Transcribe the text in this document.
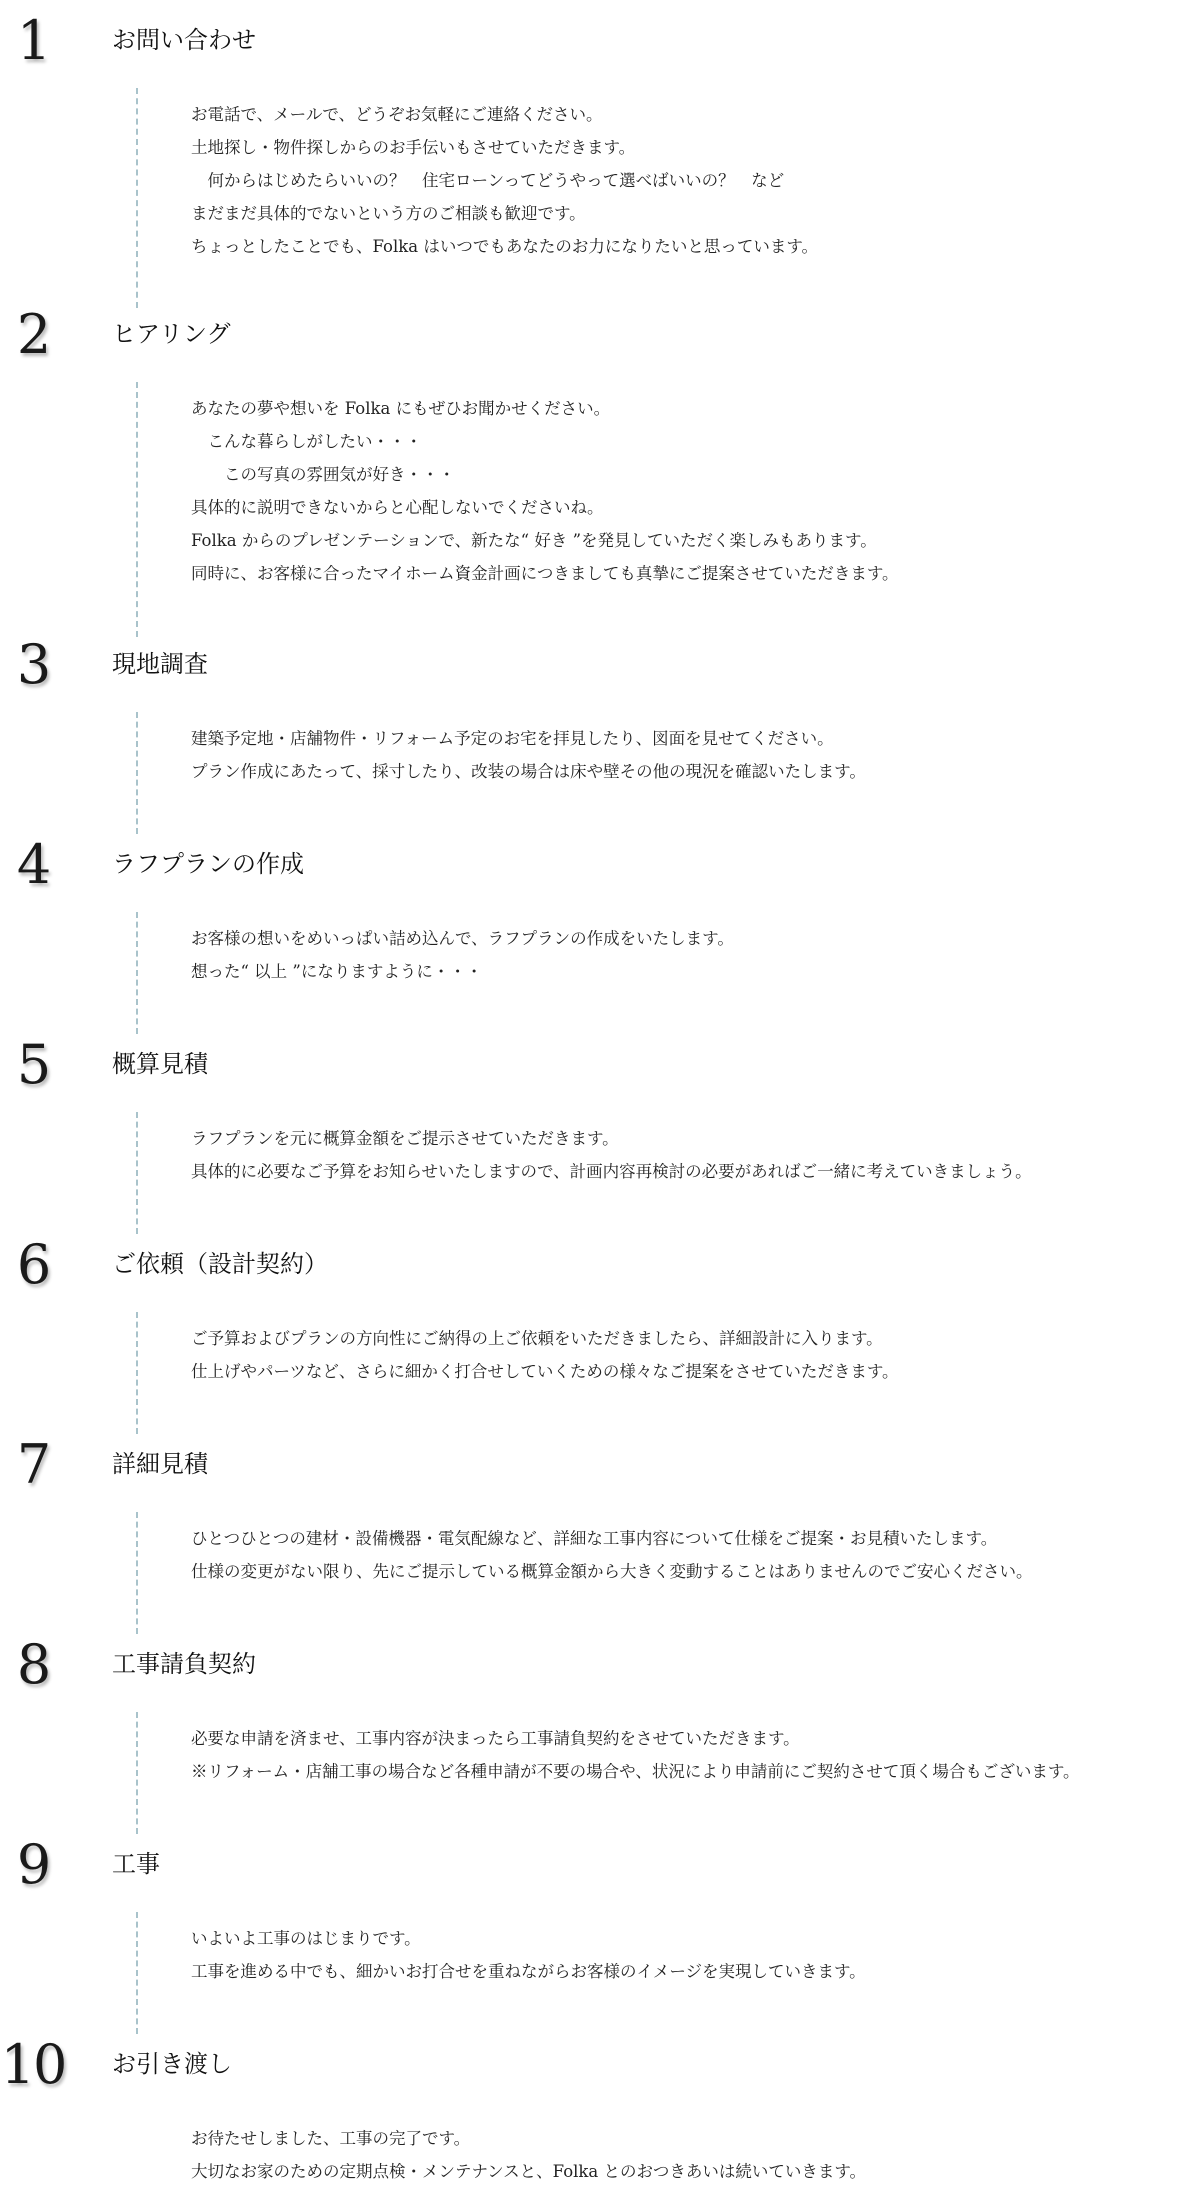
1	お問い合わせ
お電話で、メールで、どうぞお気軽にご連絡ください。
土地探し・物件探しからのお手伝いもさせていただきます。
　何からはじめたらいいの？　住宅ローンってどうやって選べばいいの？　など
まだまだ具体的でないという方のご相談も歓迎です。
ちょっとしたことでも、Folka はいつでもあなたのお力になりたいと思っています。
2	ヒアリング
あなたの夢や想いを Folka にもぜひお聞かせください。
　こんな暮らしがしたい・・・
　　この写真の雰囲気が好き・・・
具体的に説明できないからと心配しないでくださいね。
Folka からのプレゼンテーションで、新たな“ 好き ”を発見していただく楽しみもあります。
同時に、お客様に合ったマイホーム資金計画につきましても真摯にご提案させていただきます。
3	現地調査
建築予定地・店舗物件・リフォーム予定のお宅を拝見したり、図面を見せてください。
プラン作成にあたって、採寸したり、改装の場合は床や壁その他の現況を確認いたします。
4	ラフプランの作成
お客様の想いをめいっぱい詰め込んで、ラフプランの作成をいたします。
想った“ 以上 ”になりますように・・・
5	概算見積
ラフプランを元に概算金額をご提示させていただきます。
具体的に必要なご予算をお知らせいたしますので、計画内容再検討の必要があればご一緒に考えていきましょう。
6	ご依頼（設計契約）
ご予算およびプランの方向性にご納得の上ご依頼をいただきましたら、詳細設計に入ります。
仕上げやパーツなど、さらに細かく打合せしていくための様々なご提案をさせていただきます。
7	詳細見積
ひとつひとつの建材・設備機器・電気配線など、詳細な工事内容について仕様をご提案・お見積いたします。
仕様の変更がない限り、先にご提示している概算金額から大きく変動することはありませんのでご安心ください。
8	工事請負契約
必要な申請を済ませ、工事内容が決まったら工事請負契約をさせていただきます。
※リフォーム・店舗工事の場合など各種申請が不要の場合や、状況により申請前にご契約させて頂く場合もございます。
9	工事
いよいよ工事のはじまりです。
工事を進める中でも、細かいお打合せを重ねながらお客様のイメージを実現していきます。
10 お引き渡し
お待たせしました、工事の完了です。
大切なお家のための定期点検・メンテナンスと、Folka とのおつきあいは続いていきます。
